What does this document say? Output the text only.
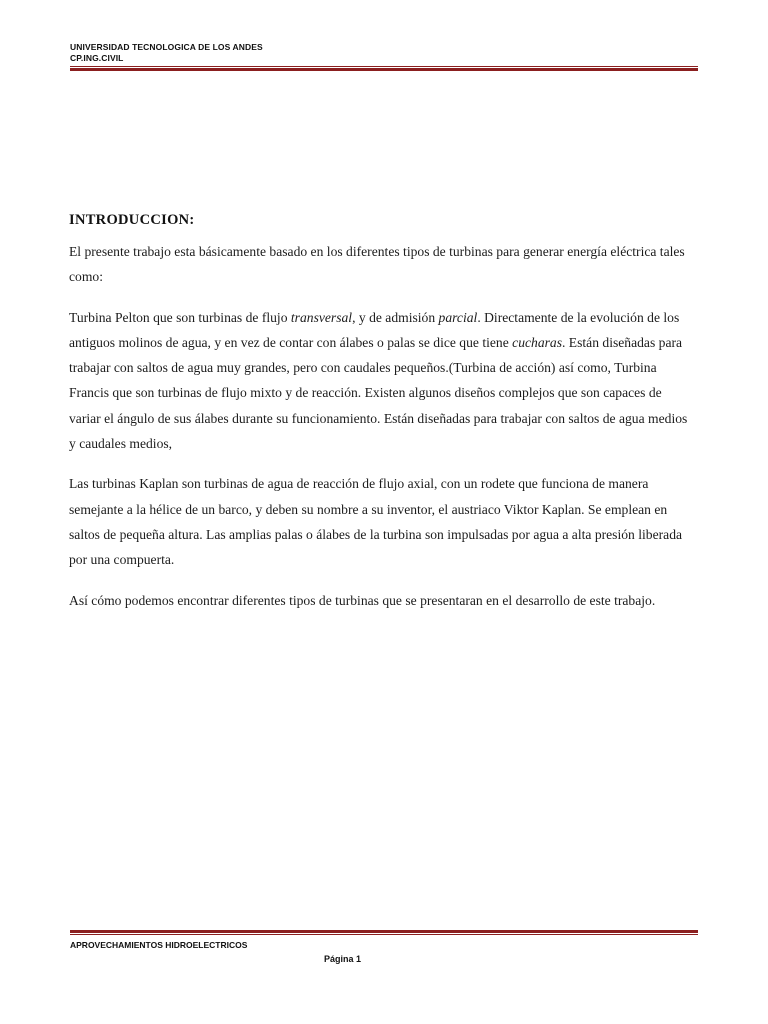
UNIVERSIDAD TECNOLOGICA DE LOS ANDES
CP.ING.CIVIL
INTRODUCCION:

El presente trabajo esta básicamente basado en los diferentes tipos de turbinas para generar energía eléctrica tales como:

Turbina Pelton que son turbinas de flujo transversal, y de admisión parcial. Directamente de la evolución de los antiguos molinos de agua, y en vez de contar con álabes o palas se dice que tiene cucharas. Están diseñadas para trabajar con saltos de agua muy grandes, pero con caudales pequeños.(Turbina de acción) así como, Turbina Francis que son turbinas de flujo mixto y de reacción. Existen algunos diseños complejos que son capaces de variar el ángulo de sus álabes durante su funcionamiento. Están diseñadas para trabajar con saltos de agua medios y caudales medios,

Las turbinas Kaplan son turbinas de agua de reacción de flujo axial, con un rodete que funciona de manera semejante a la hélice de un barco, y deben su nombre a su inventor, el austriaco Viktor Kaplan. Se emplean en saltos de pequeña altura. Las amplias palas o álabes de la turbina son impulsadas por agua a alta presión liberada por una compuerta.

Así cómo podemos encontrar diferentes tipos de turbinas que se presentaran en el desarrollo de este trabajo.

APROVECHAMIENTOS HIDROELECTRICOS
Página 1
